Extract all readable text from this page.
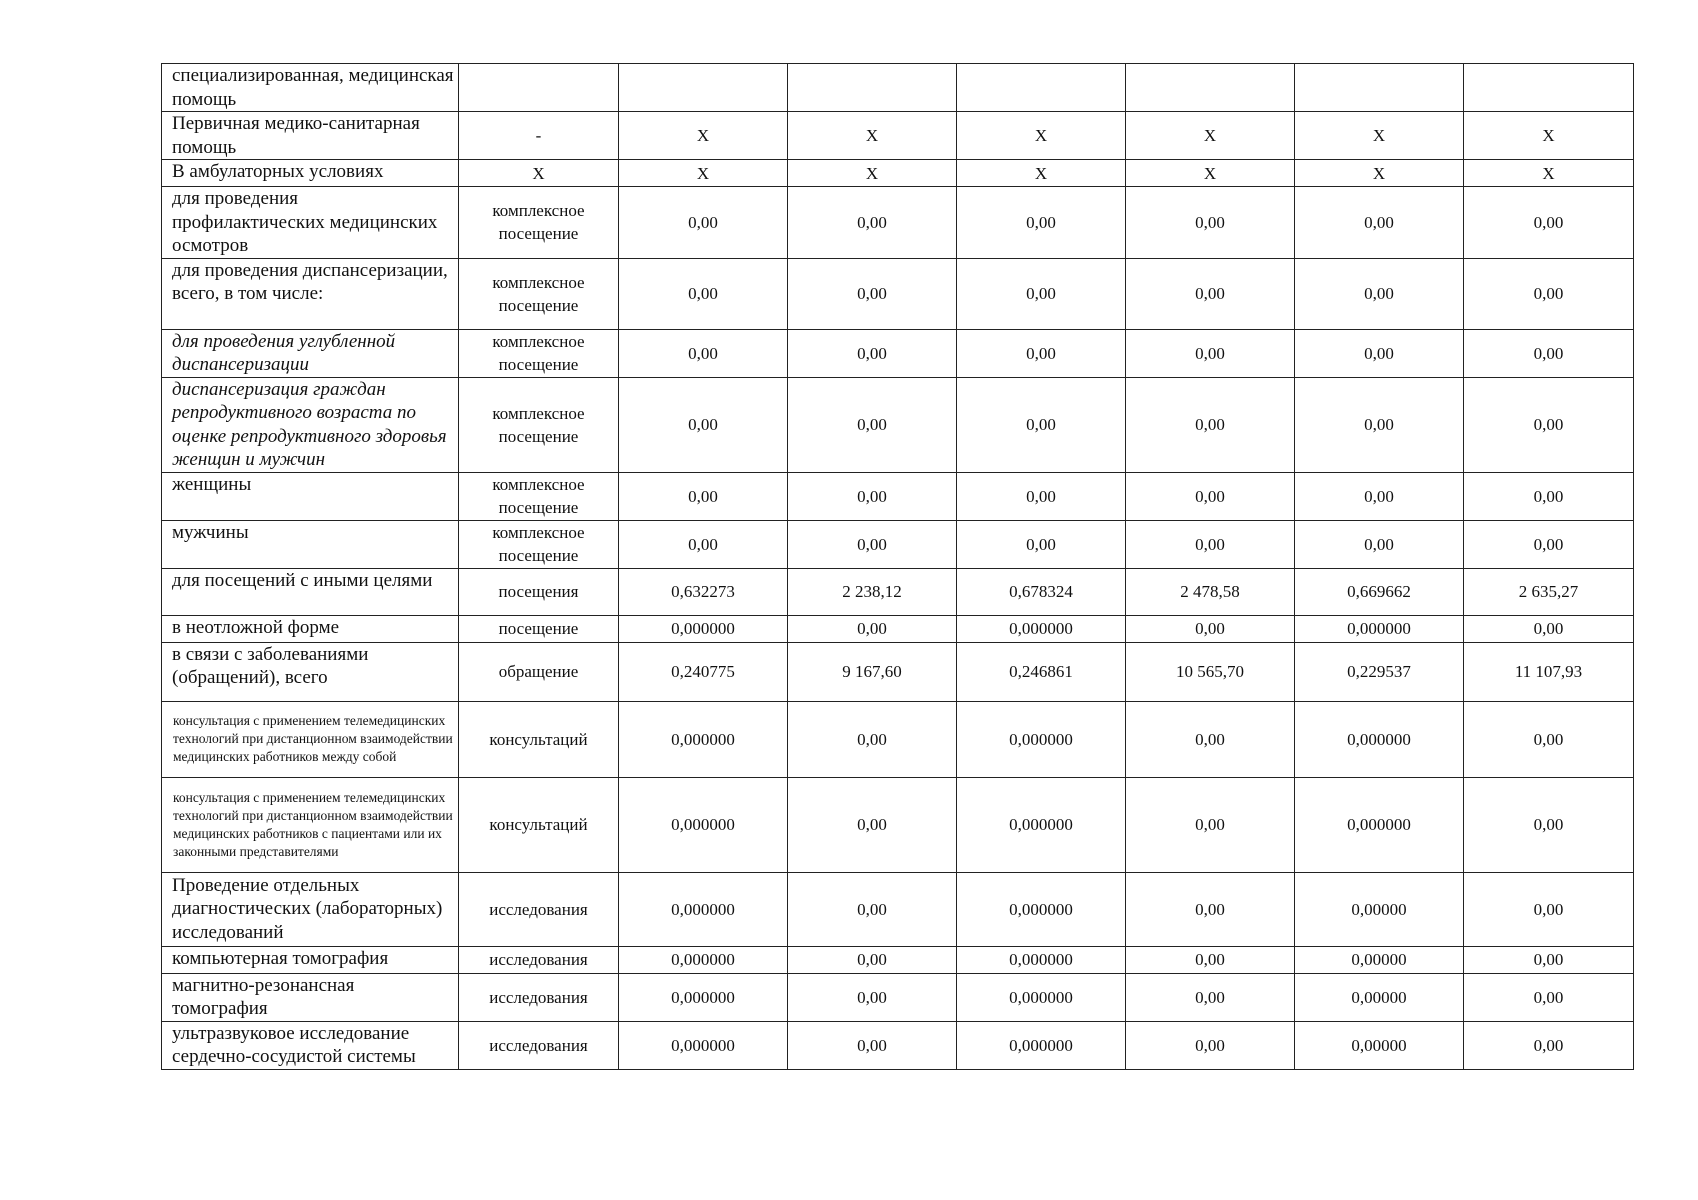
специализированная, медицинская помощь							
Первичная медико-санитарная помощь	-	Х	Х	Х	Х	Х	Х
В амбулаторных условиях	Х	Х	Х	Х	Х	Х	Х
для проведения профилактических медицинских осмотров	комплексное посещение	0,00	0,00	0,00	0,00	0,00	0,00
для проведения диспансеризации, всего, в том числе:	комплексное посещение	0,00	0,00	0,00	0,00	0,00	0,00
для проведения углубленной диспансеризации	комплексное посещение	0,00	0,00	0,00	0,00	0,00	0,00
диспансеризация граждан репродуктивного возраста по оценке репродуктивного здоровья женщин и мужчин	комплексное посещение	0,00	0,00	0,00	0,00	0,00	0,00
женщины	комплексное посещение	0,00	0,00	0,00	0,00	0,00	0,00
мужчины	комплексное посещение	0,00	0,00	0,00	0,00	0,00	0,00
для посещений с иными целями	посещения	0,632273	2 238,12	0,678324	2 478,58	0,669662	2 635,27
в неотложной форме	посещение	0,000000	0,00	0,000000	0,00	0,000000	0,00
в связи с заболеваниями (обращений), всего	обращение	0,240775	9 167,60	0,246861	10 565,70	0,229537	11 107,93
консультация с применением телемедицинских технологий при дистанционном взаимодействии медицинских работников между собой	консультаций	0,000000	0,00	0,000000	0,00	0,000000	0,00
консультация с применением телемедицинских технологий при дистанционном взаимодействии медицинских работников с пациентами или их законными представителями	консультаций	0,000000	0,00	0,000000	0,00	0,000000	0,00
Проведение отдельных диагностических (лабораторных) исследований	исследования	0,000000	0,00	0,000000	0,00	0,00000	0,00
компьютерная томография	исследования	0,000000	0,00	0,000000	0,00	0,00000	0,00
магнитно-резонансная томография	исследования	0,000000	0,00	0,000000	0,00	0,00000	0,00
ультразвуковое исследование сердечно-сосудистой системы	исследования	0,000000	0,00	0,000000	0,00	0,00000	0,00
